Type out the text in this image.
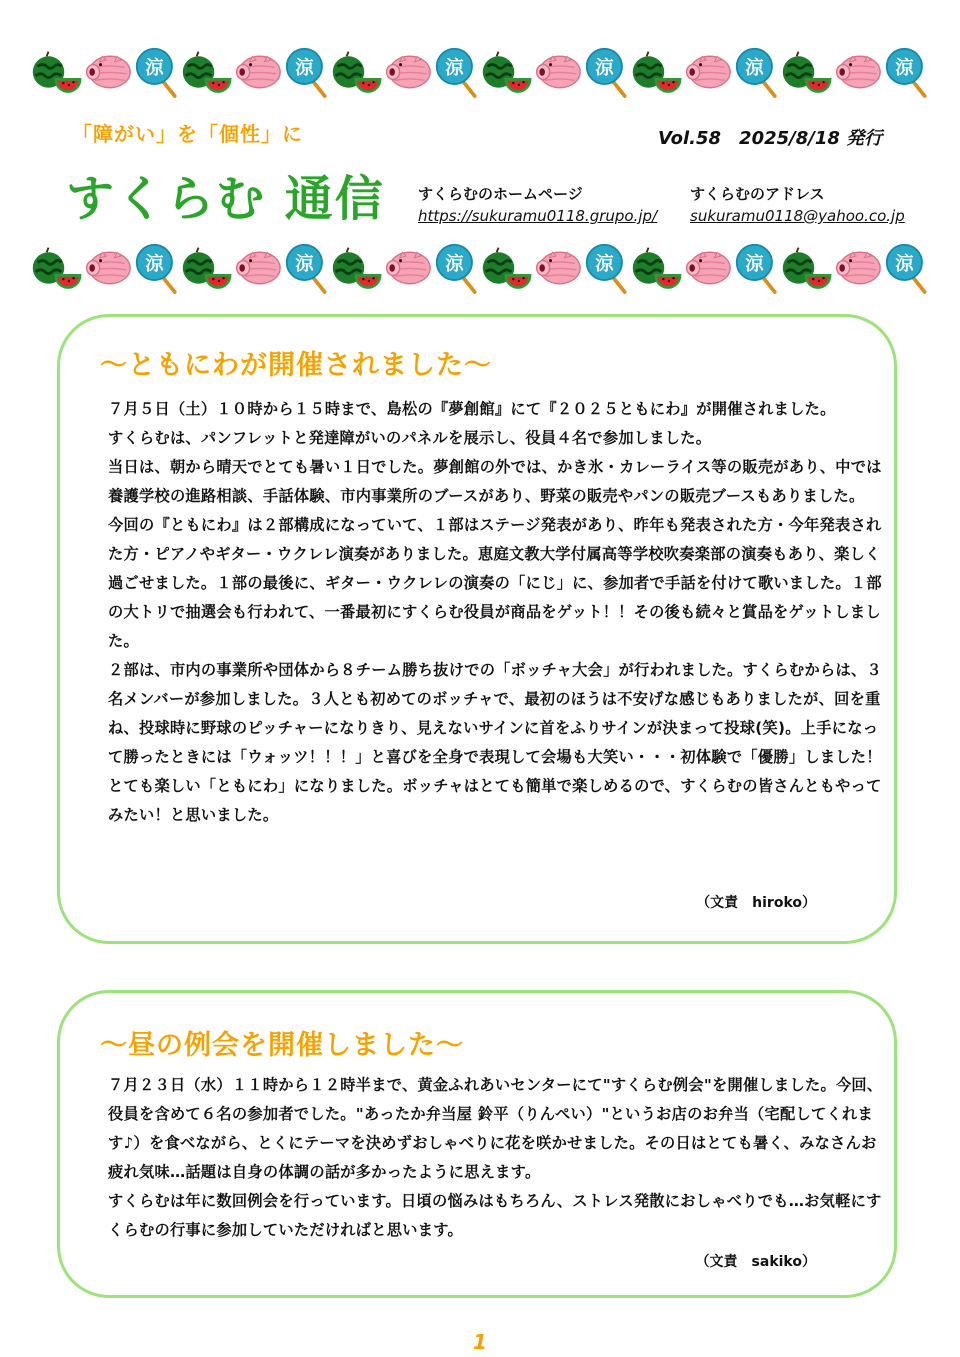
涼	涼	涼	涼	涼	涼
涼	涼	涼	涼	涼	涼
「障がい」を「個性」に	Vol.58　2025/8/18 発行
すくらむ 通信 すくらむのホームページ
https://sukuramu0118.grupo.jp/
すくらむのアドレス
sukuramu0118@yahoo.co.jp
～ともにわが開催されました～

７月５日（土）１０時から１５時まで、島松の『夢創館』にて『２０２５ともにわ』が開催されました。

すくらむは、パンフレットと発達障がいのパネルを展示し、役員４名で参加しました。

当日は、朝から晴天でとても暑い１日でした。夢創館の外では、かき氷・カレーライス等の販売があり、中では養護学校の進路相談、手話体験、市内事業所のブースがあり、野菜の販売やパンの販売ブースもありました。

今回の『ともにわ』は２部構成になっていて、１部はステージ発表があり、昨年も発表された方・今年発表された方・ピアノやギター・ウクレレ演奏がありました。恵庭文教大学付属高等学校吹奏楽部の演奏もあり、楽しく過ごせました。１部の最後に、ギター・ウクレレの演奏の「にじ」に、参加者で手話を付けて歌いました。１部の大トリで抽選会も行われて、一番最初にすくらむ役員が商品をゲット！！その後も続々と賞品をゲットしました。

２部は、市内の事業所や団体から８チーム勝ち抜けでの「ボッチャ大会」が行われました。すくらむからは、３名メンバーが参加しました。３人とも初めてのボッチャで、最初のほうは不安げな感じもありましたが、回を重ね、投球時に野球のピッチャーになりきり、見えないサインに首をふりサインが決まって投球(笑)。上手になって勝ったときには「ウォッツ！！！」と喜びを全身で表現して会場も大笑い・・・初体験で「優勝」しました！

とても楽しい「ともにわ」になりました。ボッチャはとても簡単で楽しめるので、すくらむの皆さんともやってみたい！と思いました。

（文責　hiroko）
～昼の例会を開催しました～

７月２３日（水）１１時から１２時半まで、黄金ふれあいセンターにて"すくらむ例会"を開催しました。今回、役員を含めて６名の参加者でした。"あったか弁当屋 鈴平（りんぺい）"というお店のお弁当（宅配してくれます♪）を食べながら、とくにテーマを決めずおしゃべりに花を咲かせました。その日はとても暑く、みなさんお疲れ気味…話題は自身の体調の話が多かったように思えます。

すくらむは年に数回例会を行っています。日頃の悩みはもちろん、ストレス発散におしゃべりでも…お気軽にすくらむの行事に参加していただければと思います。

（文責　sakiko）
1
